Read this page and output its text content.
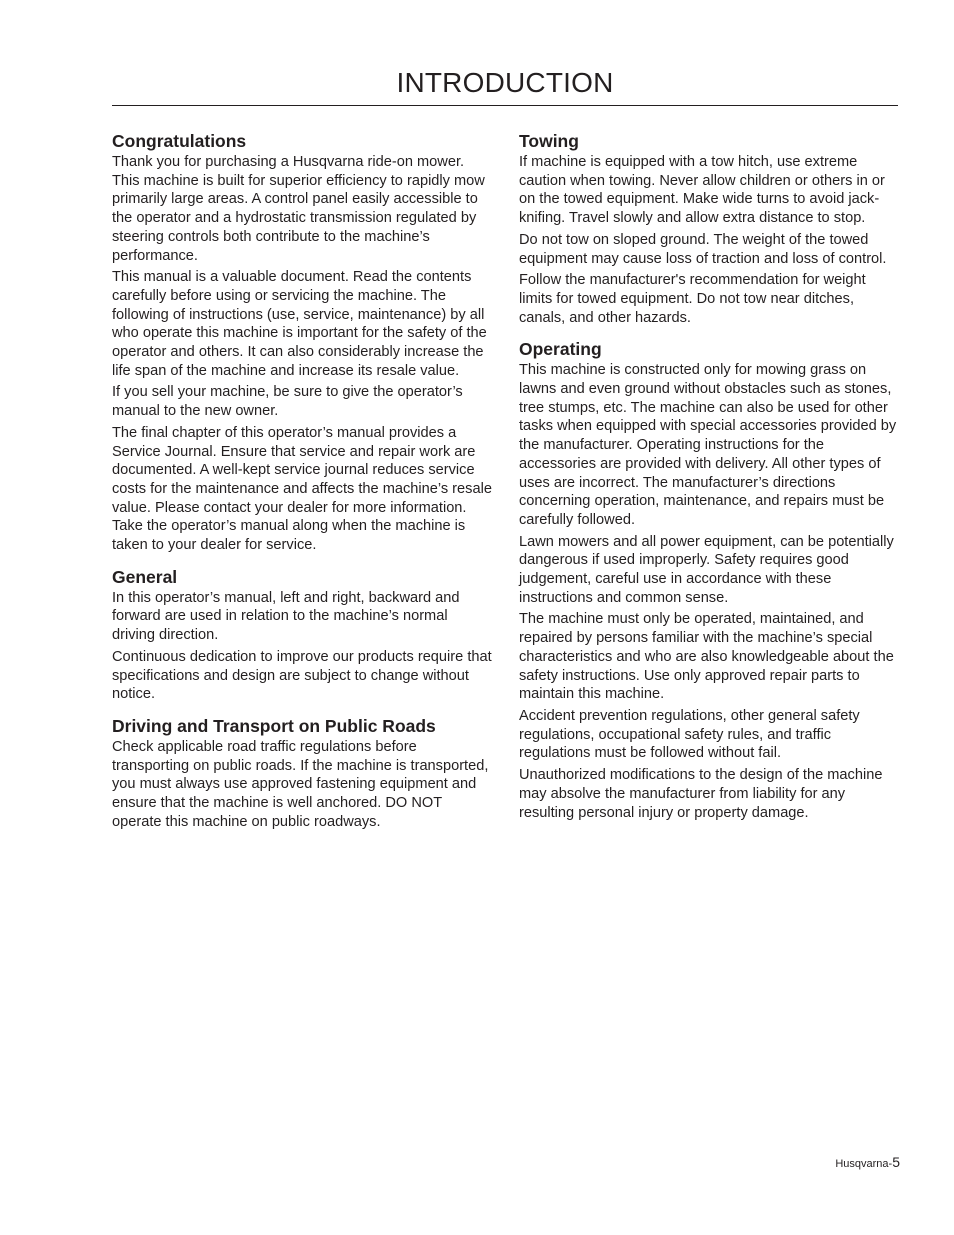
INTRODUCTION
Congratulations

Thank you for purchasing a Husqvarna ride-on mower. This machine is built for superior efficiency to rapidly mow primarily large areas. A control panel easily accessible to the operator and a hydrostatic transmission regulated by steering controls both contribute to the machine’s performance.

This manual is a valuable document. Read the contents carefully before using or servicing the machine. The following of instructions (use, service, maintenance) by all who operate this machine is important for the safety of the operator and others. It can also considerably increase the life span of the machine and increase its resale value.

If you sell your machine, be sure to give the operator’s manual to the new owner.

The final chapter of this operator’s manual provides a Service Journal. Ensure that service and repair work are documented. A well-kept service journal reduces service costs for the maintenance and affects the machine’s resale value. Please contact your dealer for more information. Take the operator’s manual along when the machine is taken to your dealer for service.

General

In this operator’s manual, left and right, backward and forward are used in relation to the machine’s normal driving direction.

Continuous dedication to improve our products require that specifications and design are subject to change without notice.

Driving and Transport on Public Roads

Check applicable road traffic regulations before transporting on public roads. If the machine is transported, you must always use approved fastening equipment and ensure that the machine is well anchored. DO NOT operate this machine on public roadways.

Towing

If machine is equipped with a tow hitch, use extreme caution when towing. Never allow children or others in or on the towed equipment. Make wide turns to avoid jack-knifing. Travel slowly and allow extra distance to stop.

Do not tow on sloped ground. The weight of the towed equipment may cause loss of traction and loss of control.

Follow the manufacturer's recommendation for weight limits for towed equipment. Do not tow near ditches, canals, and other hazards.

Operating

This machine is constructed only for mowing grass on lawns and even ground without obstacles such as stones, tree stumps, etc. The machine can also be used for other tasks when equipped with special accessories provided by the manufacturer. Operating instructions for the accessories are provided with delivery. All other types of uses are incorrect. The manufacturer’s directions concerning operation, maintenance, and repairs must be carefully followed.

Lawn mowers and all power equipment, can be potentially dangerous if used improperly. Safety requires good judgement, careful use in accordance with these instructions and common sense.

The machine must only be operated, maintained, and repaired by persons familiar with the machine’s special characteristics and who are also knowledgeable about the safety instructions. Use only approved repair parts to maintain this machine.

Accident prevention regulations, other general safety regulations, occupational safety rules, and traffic regulations must be followed without fail.

Unauthorized modifications to the design of the machine may absolve the manufacturer from liability for any resulting personal injury or property damage.

Husqvarna-5
